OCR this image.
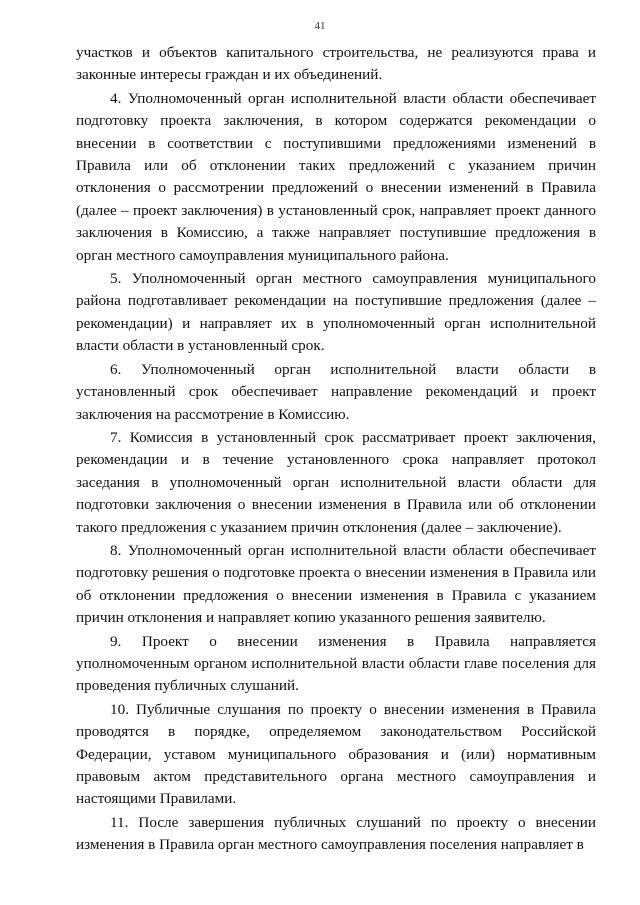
41

участков и объектов капитального строительства, не реализуются права и законные интересы граждан и их объединений.

4. Уполномоченный орган исполнительной власти области обеспечивает подготовку проекта заключения, в котором содержатся рекомендации о внесении в соответствии с поступившими предложениями изменений в Правила или об отклонении таких предложений с указанием причин отклонения о рассмотрении предложений о внесении изменений в Правила (далее – проект заключения) в установленный срок, направляет проект данного заключения в Комиссию, а также направляет поступившие предложения в орган местного самоуправления муниципального района.

5. Уполномоченный орган местного самоуправления муниципального района подготавливает рекомендации на поступившие предложения (далее – рекомендации) и направляет их в уполномоченный орган исполнительной власти области в установленный срок.

6. Уполномоченный орган исполнительной власти области в установленный срок обеспечивает направление рекомендаций и проект заключения на рассмотрение в Комиссию.

7. Комиссия в установленный срок рассматривает проект заключения, рекомендации и в течение установленного срока направляет протокол заседания в уполномоченный орган исполнительной власти области для подготовки заключения о внесении изменения в Правила или об отклонении такого предложения с указанием причин отклонения (далее – заключение).

8. Уполномоченный орган исполнительной власти области обеспечивает подготовку решения о подготовке проекта о внесении изменения в Правила или об отклонении предложения о внесении изменения в Правила с указанием причин отклонения и направляет копию указанного решения заявителю.

9. Проект о внесении изменения в Правила направляется уполномоченным органом исполнительной власти области главе поселения для проведения публичных слушаний.

10. Публичные слушания по проекту о внесении изменения в Правила проводятся в порядке, определяемом законодательством Российской Федерации, уставом муниципального образования и (или) нормативным правовым актом представительного органа местного самоуправления и настоящими Правилами.

11. После завершения публичных слушаний по проекту о внесении изменения в Правила орган местного самоуправления поселения направляет в
